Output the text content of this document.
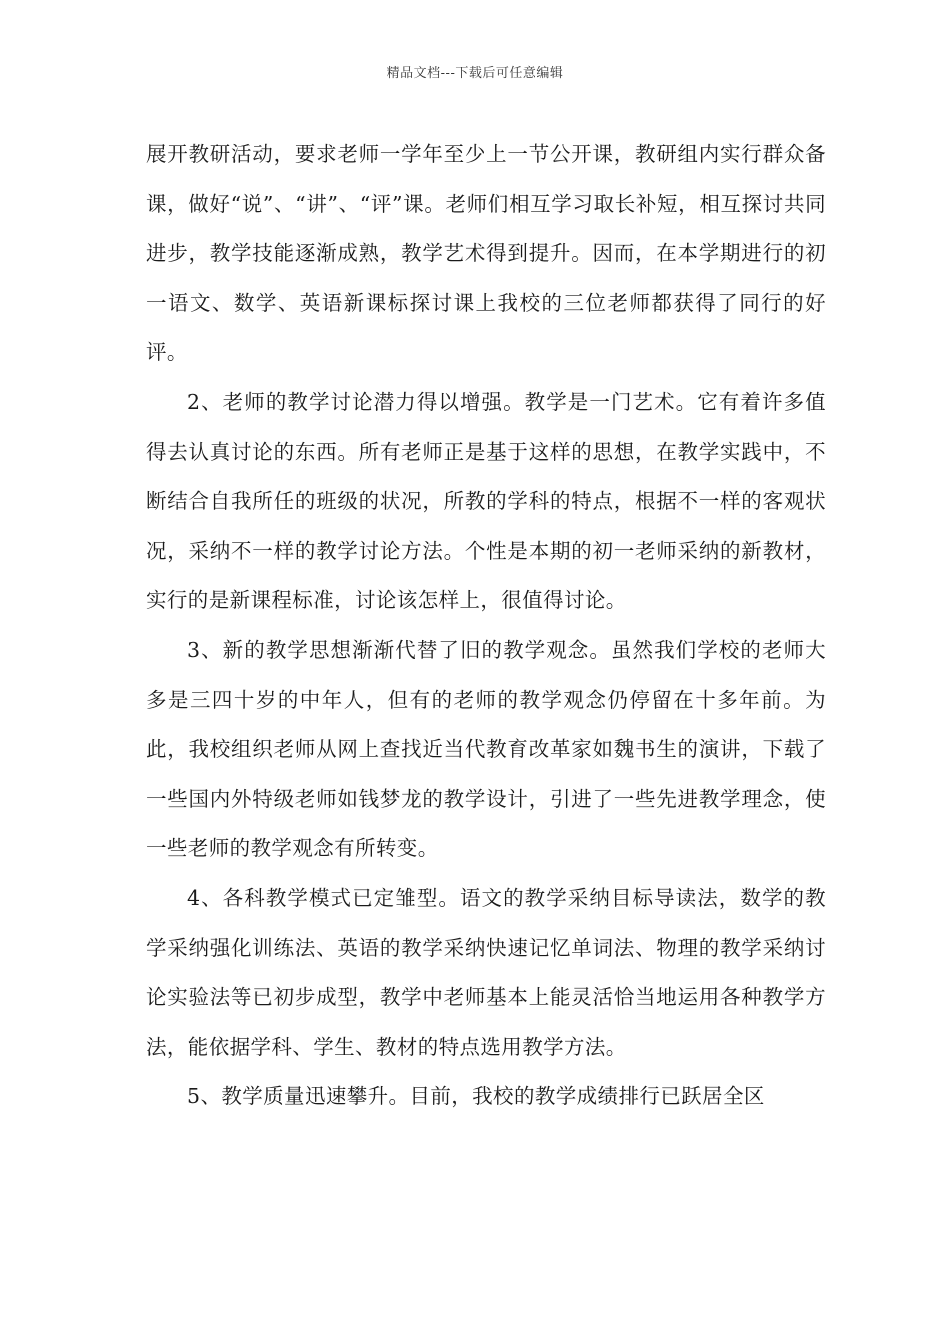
精品文档---下载后可任意编辑

展开教研活动，要求老师一学年至少上一节公开课，教研组内实行群众备课，做好“说”、“讲”、“评”课。老师们相互学习取长补短，相互探讨共同进步，教学技能逐渐成熟，教学艺术得到提升。因而，在本学期进行的初一语文、数学、英语新课标探讨课上我校的三位老师都获得了同行的好评。

2、老师的教学讨论潜力得以增强。教学是一门艺术。它有着许多值得去认真讨论的东西。所有老师正是基于这样的思想，在教学实践中，不断结合自我所任的班级的状况，所教的学科的特点，根据不一样的客观状况，采纳不一样的教学讨论方法。个性是本期的初一老师采纳的新教材，实行的是新课程标准，讨论该怎样上，很值得讨论。

3、新的教学思想渐渐代替了旧的教学观念。虽然我们学校的老师大多是三四十岁的中年人，但有的老师的教学观念仍停留在十多年前。为此，我校组织老师从网上查找近当代教育改革家如魏书生的演讲，下载了一些国内外特级老师如钱梦龙的教学设计，引进了一些先进教学理念，使一些老师的教学观念有所转变。

4、各科教学模式已定雏型。语文的教学采纳目标导读法，数学的教学采纳强化训练法、英语的教学采纳快速记忆单词法、物理的教学采纳讨论实验法等已初步成型，教学中老师基本上能灵活恰当地运用各种教学方法，能依据学科、学生、教材的特点选用教学方法。

5、教学质量迅速攀升。目前，我校的教学成绩排行已跃居全区
